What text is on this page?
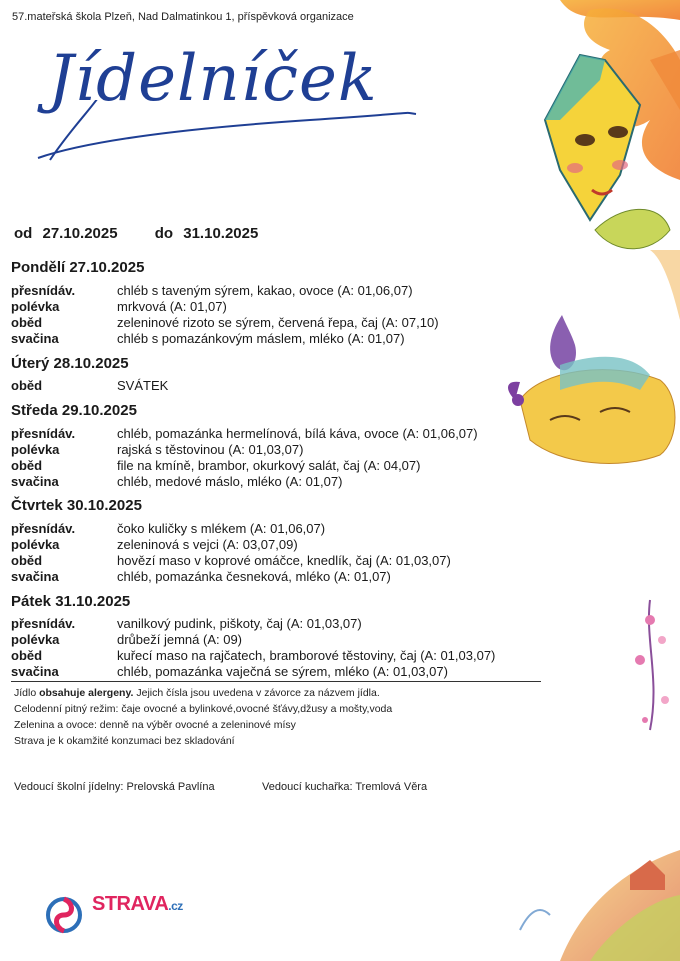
57.mateřská škola Plzeň, Nad Dalmatinkou 1, příspěvková organizace
Jídelníček
od 27.10.2025 do 31.10.2025
Pondělí 27.10.2025
přesnídáv.	chléb s taveným sýrem, kakao, ovoce (A: 01,06,07)
polévka	mrkvová (A: 01,07)
oběd	zeleninové rizoto se sýrem, červená řepa, čaj (A: 07,10)
svačina	chléb s pomazánkovým máslem, mléko (A: 01,07)
Úterý 28.10.2025
oběd	SVÁTEK
Středa 29.10.2025
přesnídáv.	chléb, pomazánka hermelínová, bílá káva, ovoce (A: 01,06,07)
polévka	rajská s těstovinou (A: 01,03,07)
oběd	file na kmíně, brambor, okurkový salát, čaj (A: 04,07)
svačina	chléb, medové máslo, mléko (A: 01,07)
Čtvrtek 30.10.2025
přesnídáv.	čoko kuličky s mlékem (A: 01,06,07)
polévka	zeleninová s vejci (A: 03,07,09)
oběd	hovězí maso v koprové omáčce, knedlík, čaj (A: 01,03,07)
svačina	chléb, pomazánka česneková, mléko (A: 01,07)
Pátek 31.10.2025
přesnídáv.	vanilkový pudink, piškoty, čaj (A: 01,03,07)
polévka	drůbeží jemná (A: 09)
oběd	kuřecí maso na rajčatech, bramborové těstoviny, čaj (A: 01,03,07)
svačina	chléb, pomazánka vaječná se sýrem, mléko (A: 01,03,07)
Jídlo obsahuje alergeny. Jejich čísla jsou uvedena v závorce za názvem jídla.
Celodenní pitný režim: čaje ovocné a bylinkové,ovocné šťávy,džusy a mošty,voda
Zelenina a ovoce: denně na výběr ovocné a zeleninové mísy
Strava je k okamžité konzumaci bez skladování
Vedoucí školní jídelny: Prelovská Pavlína	Vedoucí kuchařka: Tremlová Věra
STRAVA.cz
